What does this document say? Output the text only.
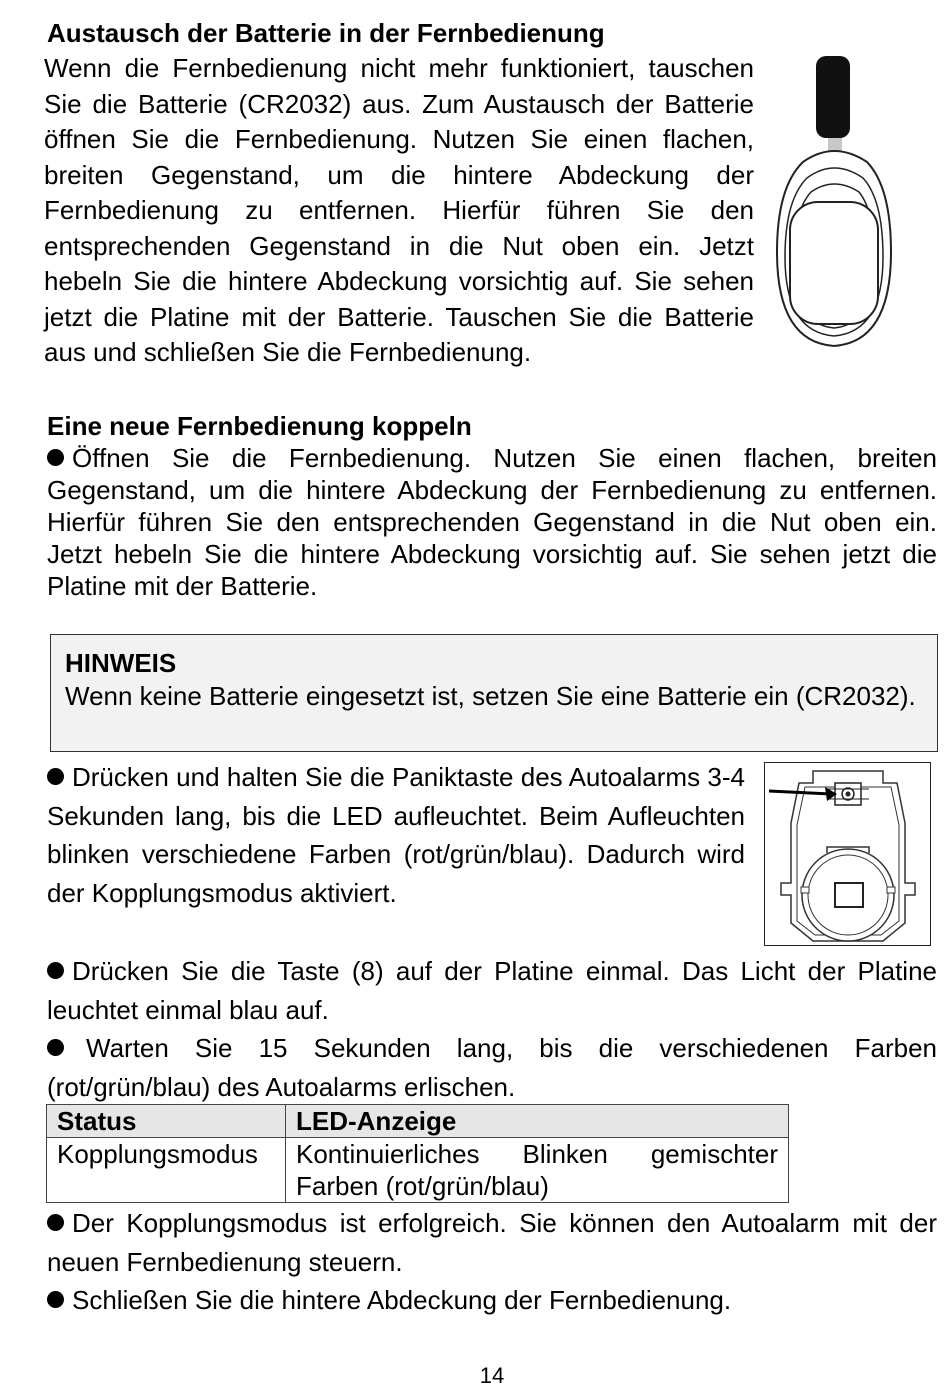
Austausch der Batterie in der Fernbedienung
Wenn die Fernbedienung nicht mehr funktioniert, tauschen Sie die Batterie (CR2032) aus. Zum Austausch der Batterie öffnen Sie die Fernbedienung. Nutzen Sie einen flachen, breiten Gegenstand, um die hintere Abdeckung der Fernbedienung zu entfernen. Hierfür führen Sie den entsprechenden Gegenstand in die Nut oben ein. Jetzt hebeln Sie die hintere Abdeckung vorsichtig auf. Sie sehen jetzt die Platine mit der Batterie. Tauschen Sie die Batterie aus und schließen Sie die Fernbedienung.
Eine neue Fernbedienung koppeln
Öffnen Sie die Fernbedienung. Nutzen Sie einen flachen, breiten Gegenstand, um die hintere Abdeckung der Fernbedienung zu entfernen. Hierfür führen Sie den entsprechenden Gegenstand in die Nut oben ein. Jetzt hebeln Sie die hintere Abdeckung vorsichtig auf. Sie sehen jetzt die Platine mit der Batterie.
HINWEIS
Wenn keine Batterie eingesetzt ist, setzen Sie eine Batterie ein (CR2032).
Drücken und halten Sie die Paniktaste des Autoalarms 3-4 Sekunden lang, bis die LED aufleuchtet. Beim Aufleuchten blinken verschiedene Farben (rot/grün/blau). Dadurch wird der Kopplungsmodus aktiviert.
Drücken Sie die Taste (8) auf der Platine einmal. Das Licht der Platine leuchtet einmal blau auf.
Warten Sie 15 Sekunden lang, bis die verschiedenen Farben (rot/grün/blau) des Autoalarms erlischen.
Status	LED-Anzeige
Kopplungsmodus	Kontinuierliches Blinken gemischter Farben (rot/grün/blau)
Der Kopplungsmodus ist erfolgreich. Sie können den Autoalarm mit der neuen Fernbedienung steuern.
Schließen Sie die hintere Abdeckung der Fernbedienung.
14
